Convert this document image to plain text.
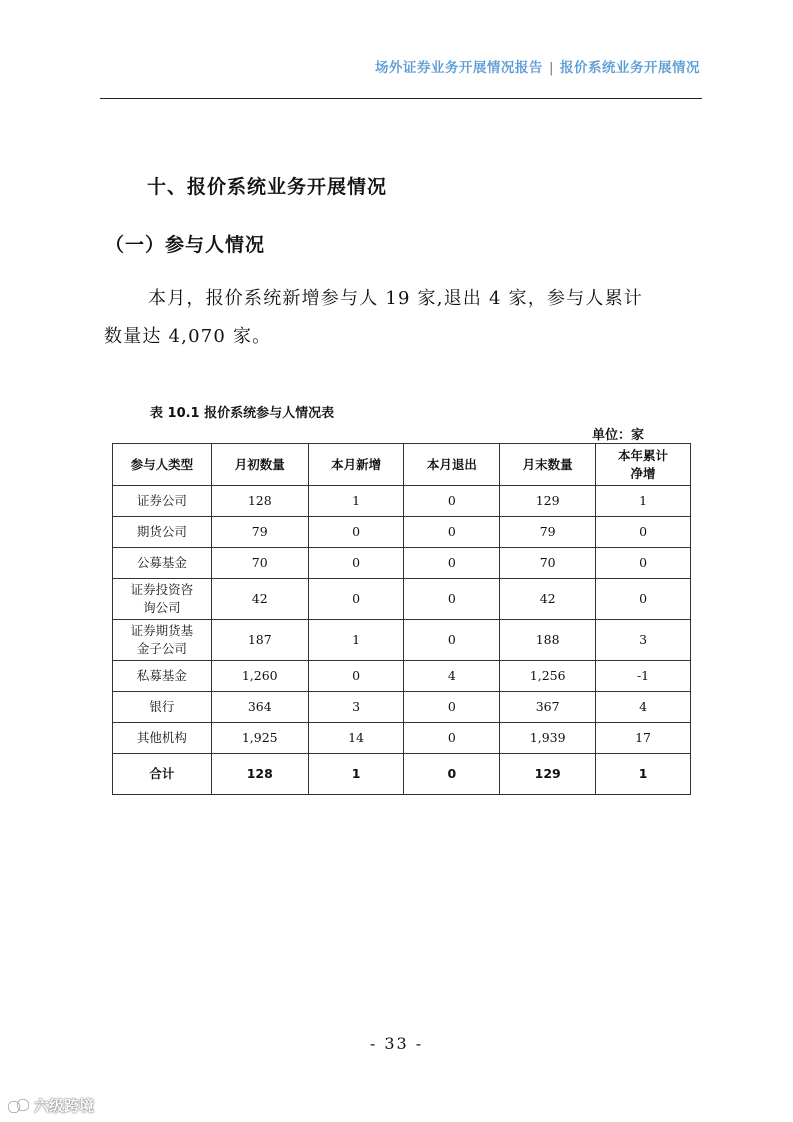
场外证券业务开展情况报告 | 报价系统业务开展情况
十、报价系统业务开展情况
（一）参与人情况
本月，报价系统新增参与人 19 家,退出 4 家，参与人累计
数量达 4,070 家。
表 10.1 报价系统参与人情况表
单位：家
参与人类型	月初数量	本月新增	本月退出	月末数量	本年累计净增
证券公司	128	1	0	129	1
期货公司	79	0	0	79	0
公募基金	70	0	0	70	0
证券投资咨询公司	42	0	0	42	0
证券期货基金子公司	187	1	0	188	3
私募基金	1,260	0	4	1,256	-1
银行	364	3	0	367	4
其他机构	1,925	14	0	1,939	17
合计	128	1	0	129	1
- 33 -
六级跨境
